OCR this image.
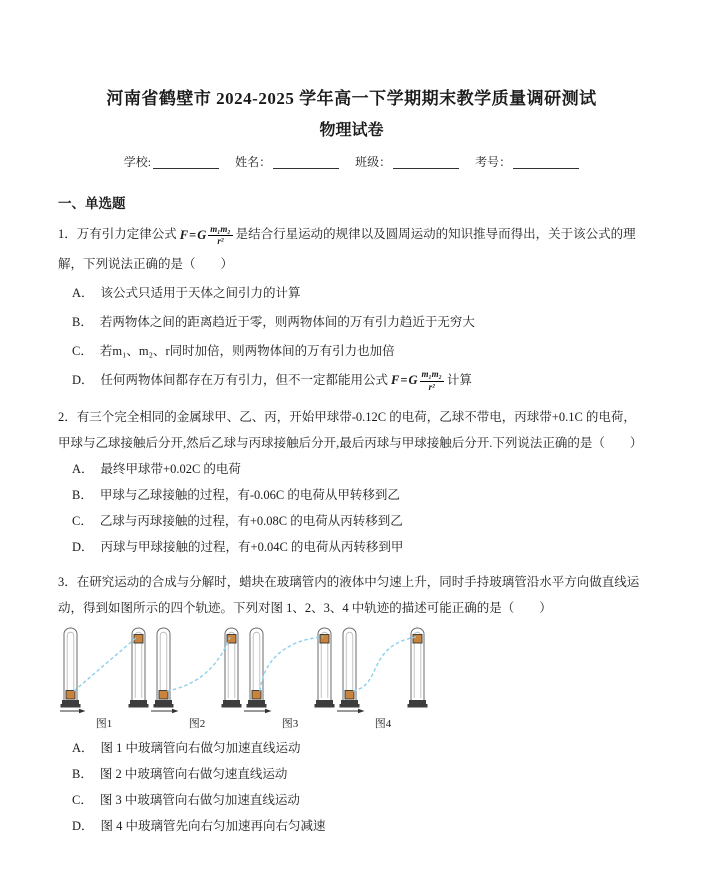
河南省鹤壁市 2024-2025 学年高一下学期期末教学质量调研测试
物理试卷
学校:	姓名：	班级：	考号：
一、单选题

1．万有引力定律公式 $F=G \frac{\text{m₁m₂}}{\text{r²}}$ 是结合行星运动的规律以及圆周运动的知识推导而得出，关于该公式的理解，下列说法正确的是（　　）

A． 该公式只适用于天体之间引力的计算
B． 若两物体之间的距离趋近于零，则两物体间的万有引力趋近于无穷大
C． 若m₁、m₂、r同时加倍，则两物体间的万有引力也加倍
D． 任何两物体间都存在万有引力，但不一定都能用公式 $F=G \frac{\text{m₁m₂}}{\text{r²}}$ 计算

2．有三个完全相同的金属球甲、乙、丙，开始甲球带-0.12C 的电荷，乙球不带电，丙球带+0.1C 的电荷，甲球与乙球接触后分开,然后乙球与丙球接触后分开,最后丙球与甲球接触后分开.下列说法正确的是（　　）

A． 最终甲球带+0.02C 的电荷
B． 甲球与乙球接触的过程，有-0.06C 的电荷从甲转移到乙
C． 乙球与丙球接触的过程，有+0.08C 的电荷从丙转移到乙
D． 丙球与甲球接触的过程，有+0.04C 的电荷从丙转移到甲

3．在研究运动的合成与分解时，蜡块在玻璃管内的液体中匀速上升，同时手持玻璃管沿水平方向做直线运动，得到如图所示的四个轨迹。下列对图 1、2、3、4 中轨迹的描述可能正确的是（　　）

图1	图2	图3	图4
A． 图 1 中玻璃管向右做匀加速直线运动
B． 图 2 中玻璃管向右做匀速直线运动
C． 图 3 中玻璃管向右做匀加速直线运动
D． 图 4 中玻璃管先向右匀加速再向右匀减速
